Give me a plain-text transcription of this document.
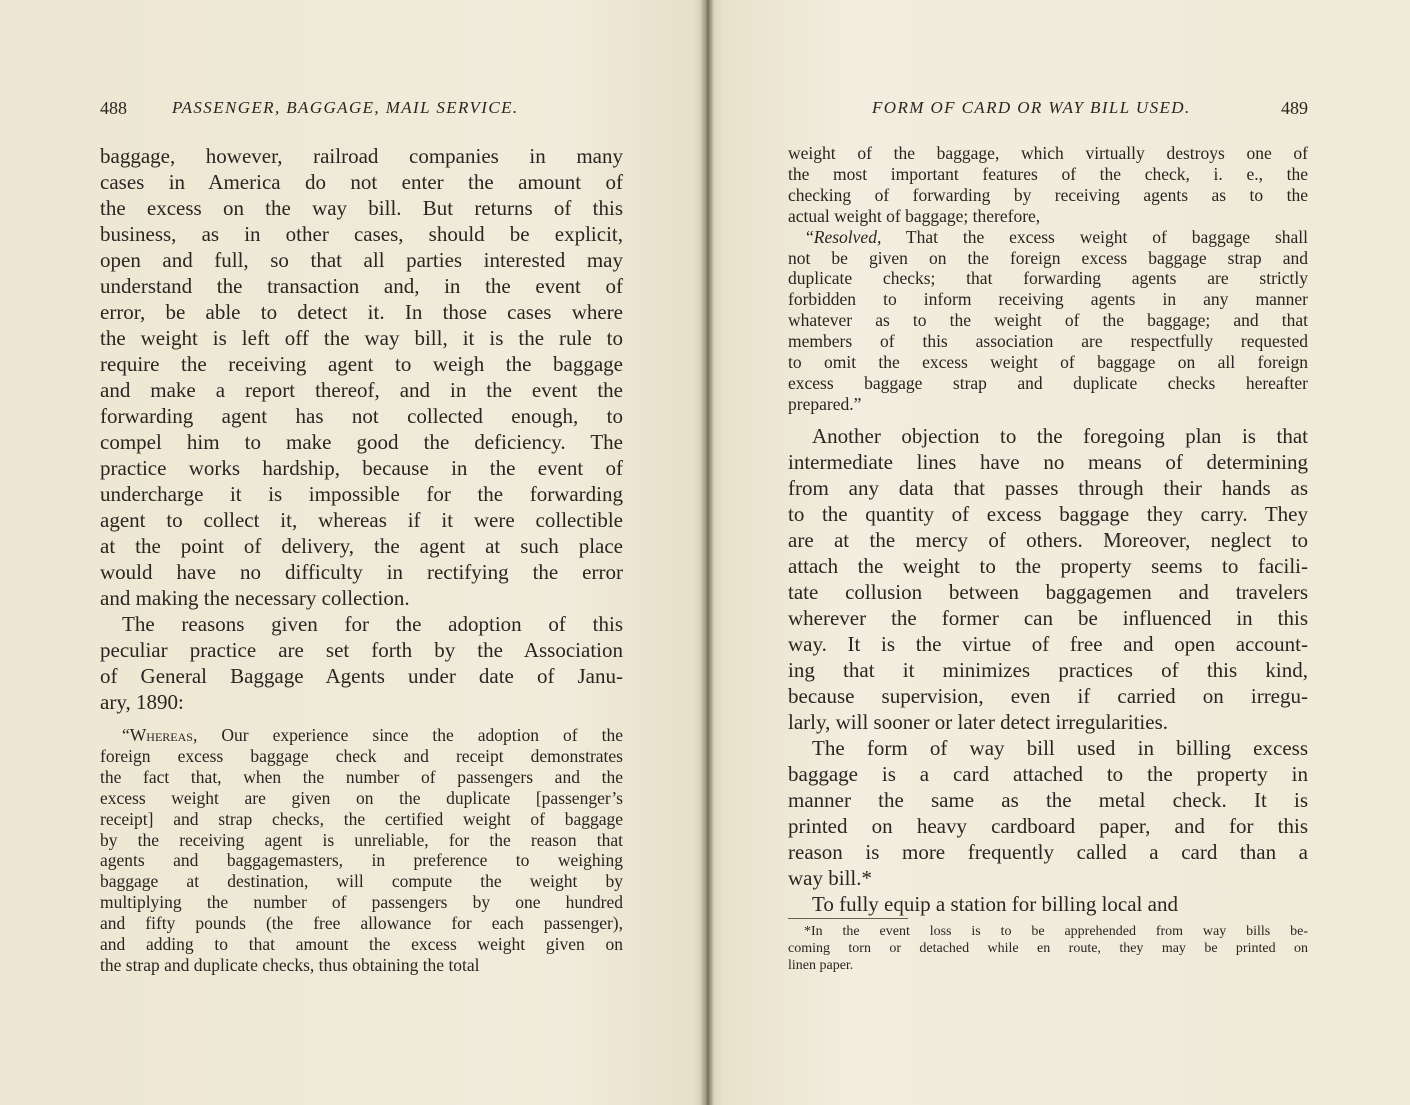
488	PASSENGER, BAGGAGE, MAIL SERVICE.
baggage, however, railroad companies in many
cases in America do not enter the amount of
the excess on the way bill. But returns of this
business, as in other cases, should be explicit,
open and full, so that all parties interested may
understand the transaction and, in the event of
error, be able to detect it. In those cases where
the weight is left off the way bill, it is the rule to
require the receiving agent to weigh the baggage
and make a report thereof, and in the event the
forwarding agent has not collected enough, to
compel him to make good the deficiency. The
practice works hardship, because in the event of
undercharge it is impossible for the forwarding
agent to collect it, whereas if it were collectible
at the point of delivery, the agent at such place
would have no difficulty in rectifying the error
and making the necessary collection.
The reasons given for the adoption of this
peculiar practice are set forth by the Association
of General Baggage Agents under date of Janu-
ary, 1890:
“Whereas, Our experience since the adoption of the
foreign excess baggage check and receipt demonstrates
the fact that, when the number of passengers and the
excess weight are given on the duplicate [passenger’s
receipt] and strap checks, the certified weight of baggage
by the receiving agent is unreliable, for the reason that
agents and baggagemasters, in preference to weighing
baggage at destination, will compute the weight by
multiplying the number of passengers by one hundred
and fifty pounds (the free allowance for each passenger),
and adding to that amount the excess weight given on
the strap and duplicate checks, thus obtaining the total
FORM OF CARD OR WAY BILL USED.	489
weight of the baggage, which virtually destroys one of
the most important features of the check, i. e., the
checking of forwarding by receiving agents as to the
actual weight of baggage; therefore,
“Resolved, That the excess weight of baggage shall
not be given on the foreign excess baggage strap and
duplicate checks; that forwarding agents are strictly
forbidden to inform receiving agents in any manner
whatever as to the weight of the baggage; and that
members of this association are respectfully requested
to omit the excess weight of baggage on all foreign
excess baggage strap and duplicate checks hereafter
prepared.”
Another objection to the foregoing plan is that
intermediate lines have no means of determining
from any data that passes through their hands as
to the quantity of excess baggage they carry. They
are at the mercy of others. Moreover, neglect to
attach the weight to the property seems to facili-
tate collusion between baggagemen and travelers
wherever the former can be influenced in this
way. It is the virtue of free and open account-
ing that it minimizes practices of this kind,
because supervision, even if carried on irregu-
larly, will sooner or later detect irregularities.
The form of way bill used in billing excess
baggage is a card attached to the property in
manner the same as the metal check. It is
printed on heavy cardboard paper, and for this
reason is more frequently called a card than a
way bill.*
To fully equip a station for billing local and
*In the event loss is to be apprehended from way bills be-
coming torn or detached while en route, they may be printed on
linen paper.
